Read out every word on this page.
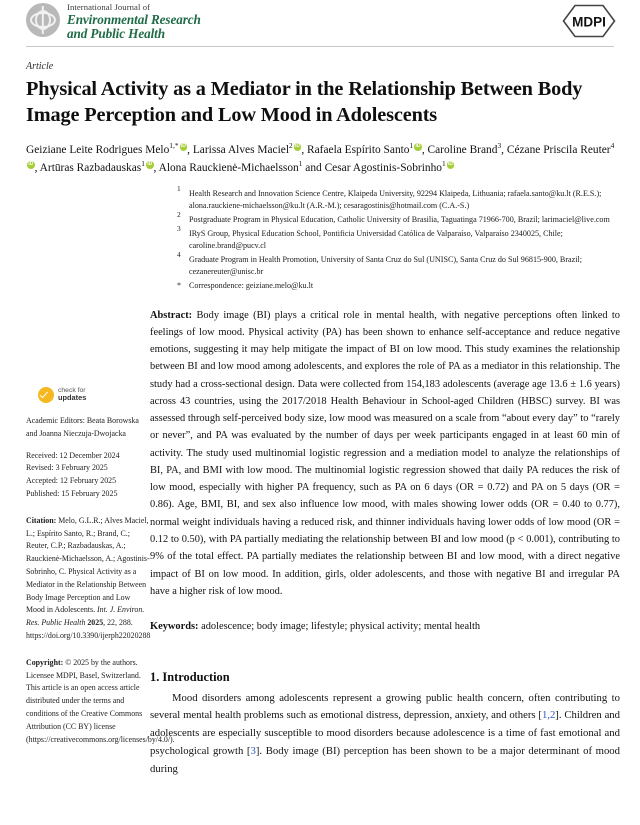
International Journal of
Environmental Research
and Public Health
MDPI
Article
Physical Activity as a Mediator in the Relationship Between Body Image Perception and Low Mood in Adolescents
Geiziane Leite Rodrigues Melo$^{1,*}$ iD , Larissa Alves Maciel$^2$ iD , Rafaela Espírito Santo$^1$ iD , Caroline Brand$^3$, Cézane Priscila Reuter$^4$iD, Artūras Razbadauskas$^1$ iD , Alona Rauckienė-Michaelsson$^1$ and Cesar Agostinis-Sobrinho$^1$iD
$^1$
Health Research and Innovation Science Centre, Klaipeda University, 92294 Klaipeda, Lithuania; rafaela.santo@ku.lt (R.E.S.); alona.rauckiene-michaelsson@ku.lt (A.R.-M.); cesaragostinis@hotmail.com (C.A.-S.)
$^2$
Postgraduate Program in Physical Education, Catholic University of Brasilia, Taguatinga 71966-700, Brazil; larimaciel@live.com
$^3$
IRyS Group, Physical Education School, Pontificia Universidad Católica de Valparaíso, Valparaíso 2340025, Chile; caroline.brand@pucv.cl
$^4$
Graduate Program in Health Promotion, University of Santa Cruz do Sul (UNISC), Santa Cruz do Sul 96815-900, Brazil; cezanereuter@unisc.br
* Correspondence: geiziane.melo@ku.lt
check for
updates
Academic Editors: Beata Borowska and Joanna Nieczuja-Dwojacka
Received: 12 December 2024
Revised: 3 February 2025
Accepted: 12 February 2025
Published: 15 February 2025
Citation: Melo, G.L.R.; Alves Maciel, L.; Espírito Santo, R.; Brand, C.; Reuter, C.P.; Razbadauskas, A.; Rauckienė-Michaelsson, A.; Agostinis-Sobrinho, C. Physical Activity as a Mediator in the Relationship Between Body Image Perception and Low Mood in Adolescents. Int. J. Environ. Res. Public Health 2025, 22, 288. https://doi.org/10.3390/ijerph22020288
Copyright: © 2025 by the authors. Licensee MDPI, Basel, Switzerland. This article is an open access article distributed under the terms and conditions of the Creative Commons Attribution (CC BY) license (https://creativecommons.org/licenses/by/4.0/).
Abstract: Body image (BI) plays a critical role in mental health, with negative perceptions often linked to feelings of low mood. Physical activity (PA) has been shown to enhance self-acceptance and reduce negative emotions, suggesting it may help mitigate the impact of BI on low mood. This study examines the relationship between BI and low mood among adolescents, and explores the role of PA as a mediator in this relationship. The study had a cross-sectional design. Data were collected from 154,183 adolescents (average age 13.6 ± 1.6 years) across 43 countries, using the 2017/2018 Health Behaviour in School-aged Children (HBSC) survey. BI was assessed through self-perceived body size, low mood was measured on a scale from “about every day” to “rarely or never”, and PA was evaluated by the number of days per week participants engaged in at least 60 min of activity. The study used multinomial logistic regression and a mediation model to analyze the relationships of BI, PA, and BMI with low mood. The multinomial logistic regression showed that daily PA reduces the risk of low mood, especially with higher PA frequency, such as PA on 6 days (OR = 0.72) and PA on 5 days (OR = 0.86). Age, BMI, BI, and sex also influence low mood, with males showing lower odds (OR = 0.40 to 0.77), normal weight individuals having a reduced risk, and thinner individuals having lower odds of low mood (OR = 0.12 to 0.50), with PA partially mediating the relationship between BI and low mood (p < 0.001), contributing to 9% of the total effect. PA partially mediates the relationship between BI and low mood, with a direct negative impact of BI on low mood. In addition, girls, older adolescents, and those with negative BI and irregular PA have a higher risk of low mood.
Keywords: adolescence; body image; lifestyle; physical activity; mental health
1. Introduction
Mood disorders among adolescents represent a growing public health concern, often contributing to several mental health problems such as emotional distress, depression, anxiety, and others [1,2]. Children and adolescents are especially susceptible to mood disorders because adolescence is a time of fast emotional and psychological growth [3]. Body image (BI) perception has been shown to be a major determinant of mood during
